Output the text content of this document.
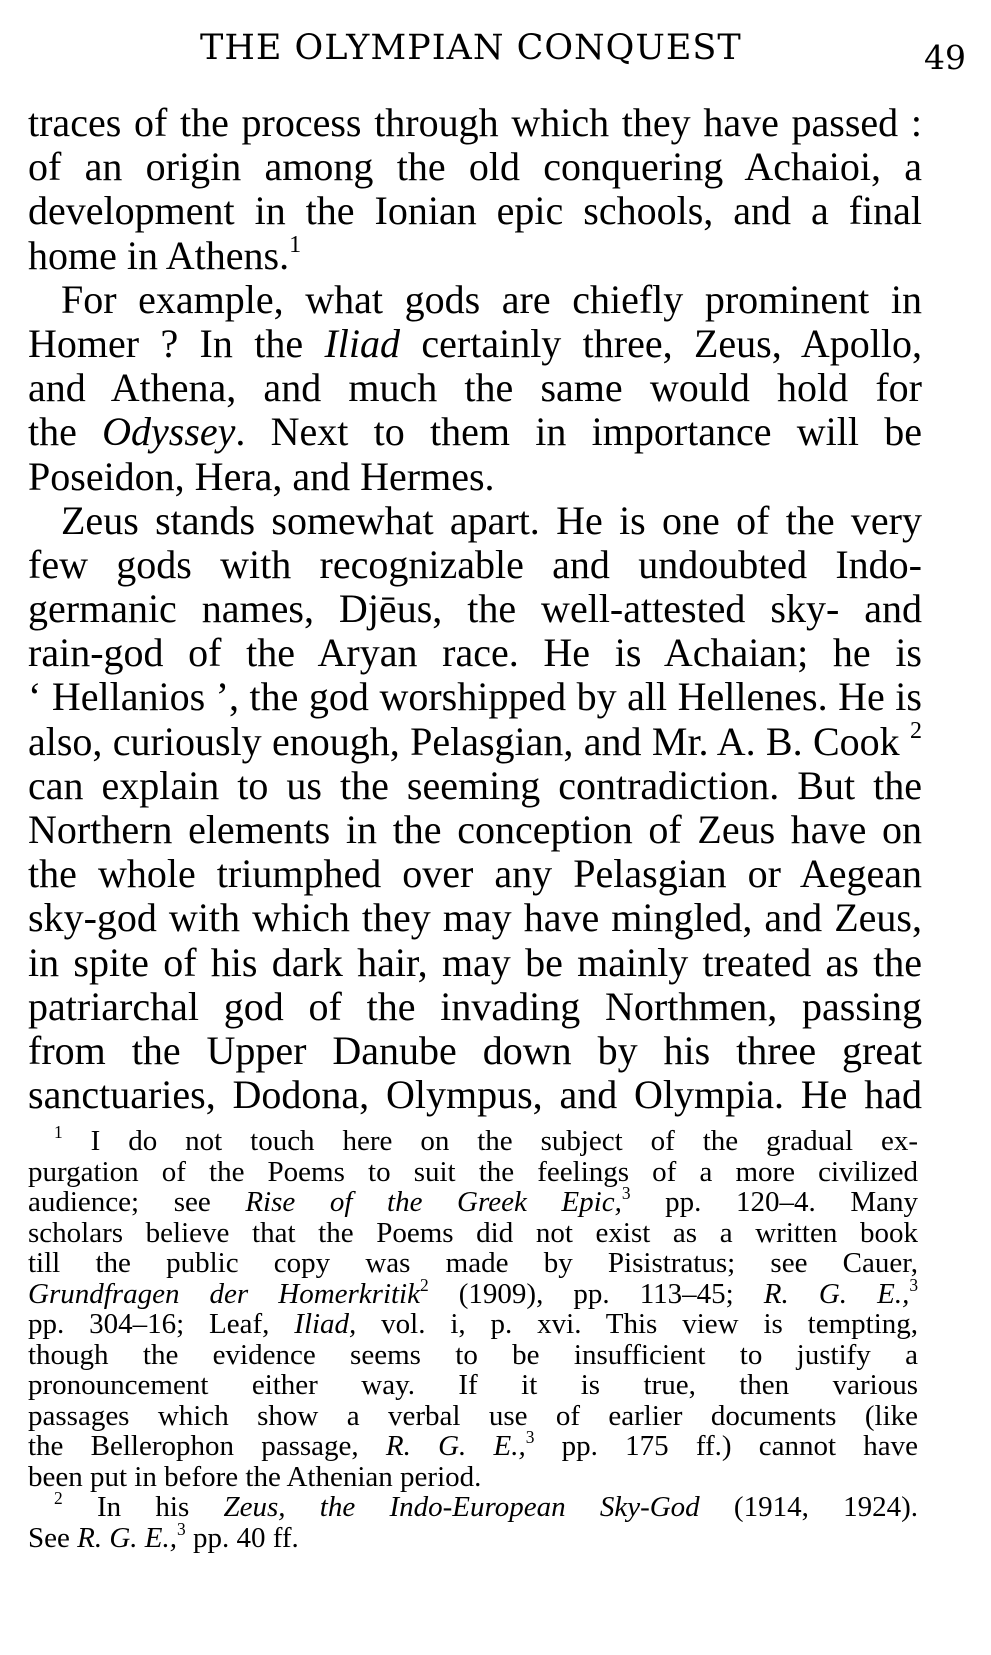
THE OLYMPIAN CONQUEST	49
traces of the process through which they have passed :
of an origin among the old conquering Achaioi, a
development in the Ionian epic schools, and a final
home in Athens.$^1$
For example, what gods are chiefly prominent in
Homer ? In the Iliad certainly three, Zeus, Apollo,
and Athena, and much the same would hold for
the Odyssey. Next to them in importance will be
Poseidon, Hera, and Hermes.
Zeus stands somewhat apart. He is one of the very
few gods with recognizable and undoubted Indo-
germanic names, Djēus, the well-attested sky- and
rain-god of the Aryan race. He is Achaian; he is
‘ Hellanios ’, the god worshipped by all Hellenes. He is
also, curiously enough, Pelasgian, and Mr. A. B. Cook $^2$
can explain to us the seeming contradiction. But the
Northern elements in the conception of Zeus have on
the whole triumphed over any Pelasgian or Aegean
sky-god with which they may have mingled, and Zeus,
in spite of his dark hair, may be mainly treated as the
patriarchal god of the invading Northmen, passing
from the Upper Danube down by his three great
sanctuaries, Dodona, Olympus, and Olympia. He had
$^1$ I do not touch here on the subject of the gradual ex-
purgation of the Poems to suit the feelings of a more civilized
audience; see Rise of the Greek Epic,$^3$ pp. 120–4. Many
scholars believe that the Poems did not exist as a written book
till the public copy was made by Pisistratus; see Cauer,
Grundfragen der Homerkritik$^2$ (1909), pp. 113–45; R. G. E.,$^3$
pp. 304–16; Leaf, Iliad, vol. i, p. xvi. This view is tempting,
though the evidence seems to be insufficient to justify a
pronouncement either way. If it is true, then various
passages which show a verbal use of earlier documents (like
the Bellerophon passage, R. G. E.,$^3$ pp. 175 ff.) cannot have
been put in before the Athenian period.
$^2$ In his Zeus, the Indo-European Sky-God (1914, 1924).
See R. G. E.,$^3$ pp. 40 ff.
